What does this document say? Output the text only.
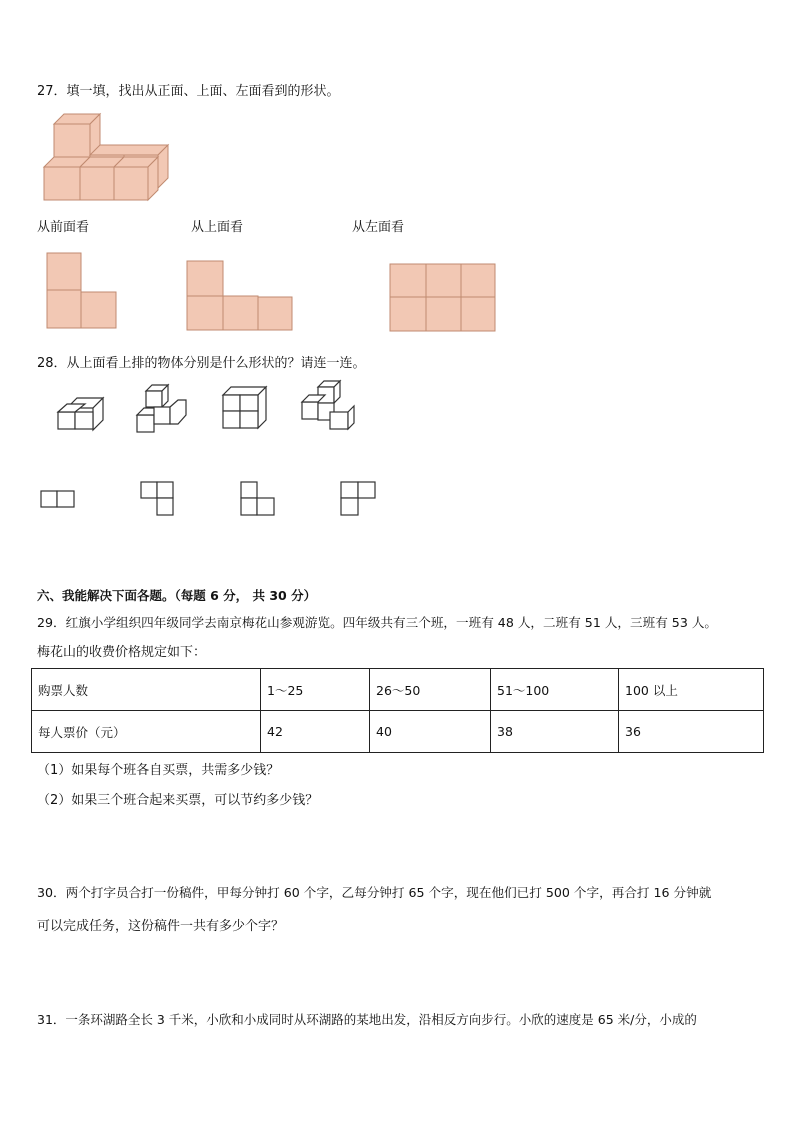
27．填一填，找出从正面、上面、左面看到的形状。
从前面看	从上面看	从左面看
28．从上面看上排的物体分别是什么形状的？请连一连。
六、我能解决下面各题。（每题 6 分， 共 30 分）
29．红旗小学组织四年级同学去南京梅花山参观游览。四年级共有三个班，一班有 48 人，二班有 51 人，三班有 53 人。
梅花山的收费价格规定如下：
购票人数	1～25	26～50	51～100	100 以上
每人票价（元）	42	40	38	36
（1）如果每个班各自买票，共需多少钱？
（2）如果三个班合起来买票，可以节约多少钱？
30．两个打字员合打一份稿件，甲每分钟打 60 个字，乙每分钟打 65 个字，现在他们已打 500 个字，再合打 16 分钟就
可以完成任务，这份稿件一共有多少个字？
31．一条环湖路全长 3 千米，小欣和小成同时从环湖路的某地出发，沿相反方向步行。小欣的速度是 65 米/分，小成的
